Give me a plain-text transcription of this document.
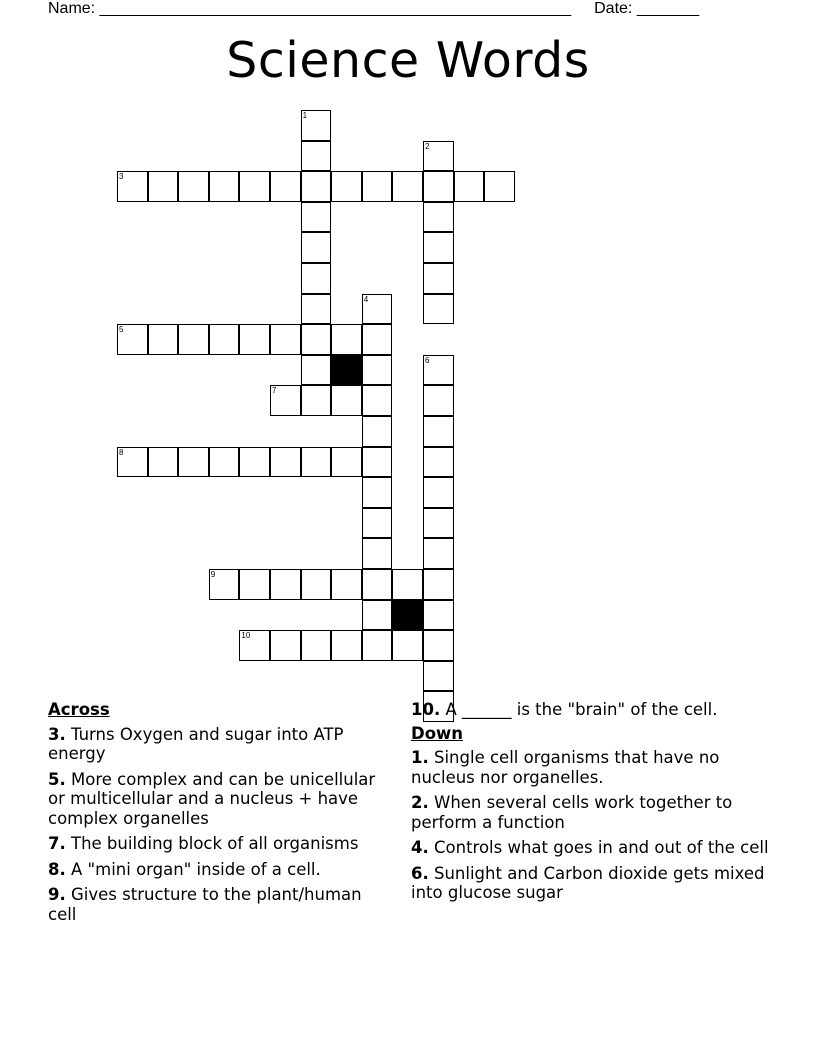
Name: _____________________________________________________ Date: _______
Science Words
1
2
3
4
5
6
7
8
9
10
Across
3. Turns Oxygen and sugar into ATP energy
5. More complex and can be unicellular or multicellular and a nucleus + have complex organelles
7. The building block of all organisms
8. A "mini organ" inside of a cell.
9. Gives structure to the plant/human cell
10. A ______ is the "brain" of the cell.
Down
1. Single cell organisms that have no nucleus nor organelles.
2. When several cells work together to perform a function
4. Controls what goes in and out of the cell
6. Sunlight and Carbon dioxide gets mixed into glucose sugar
